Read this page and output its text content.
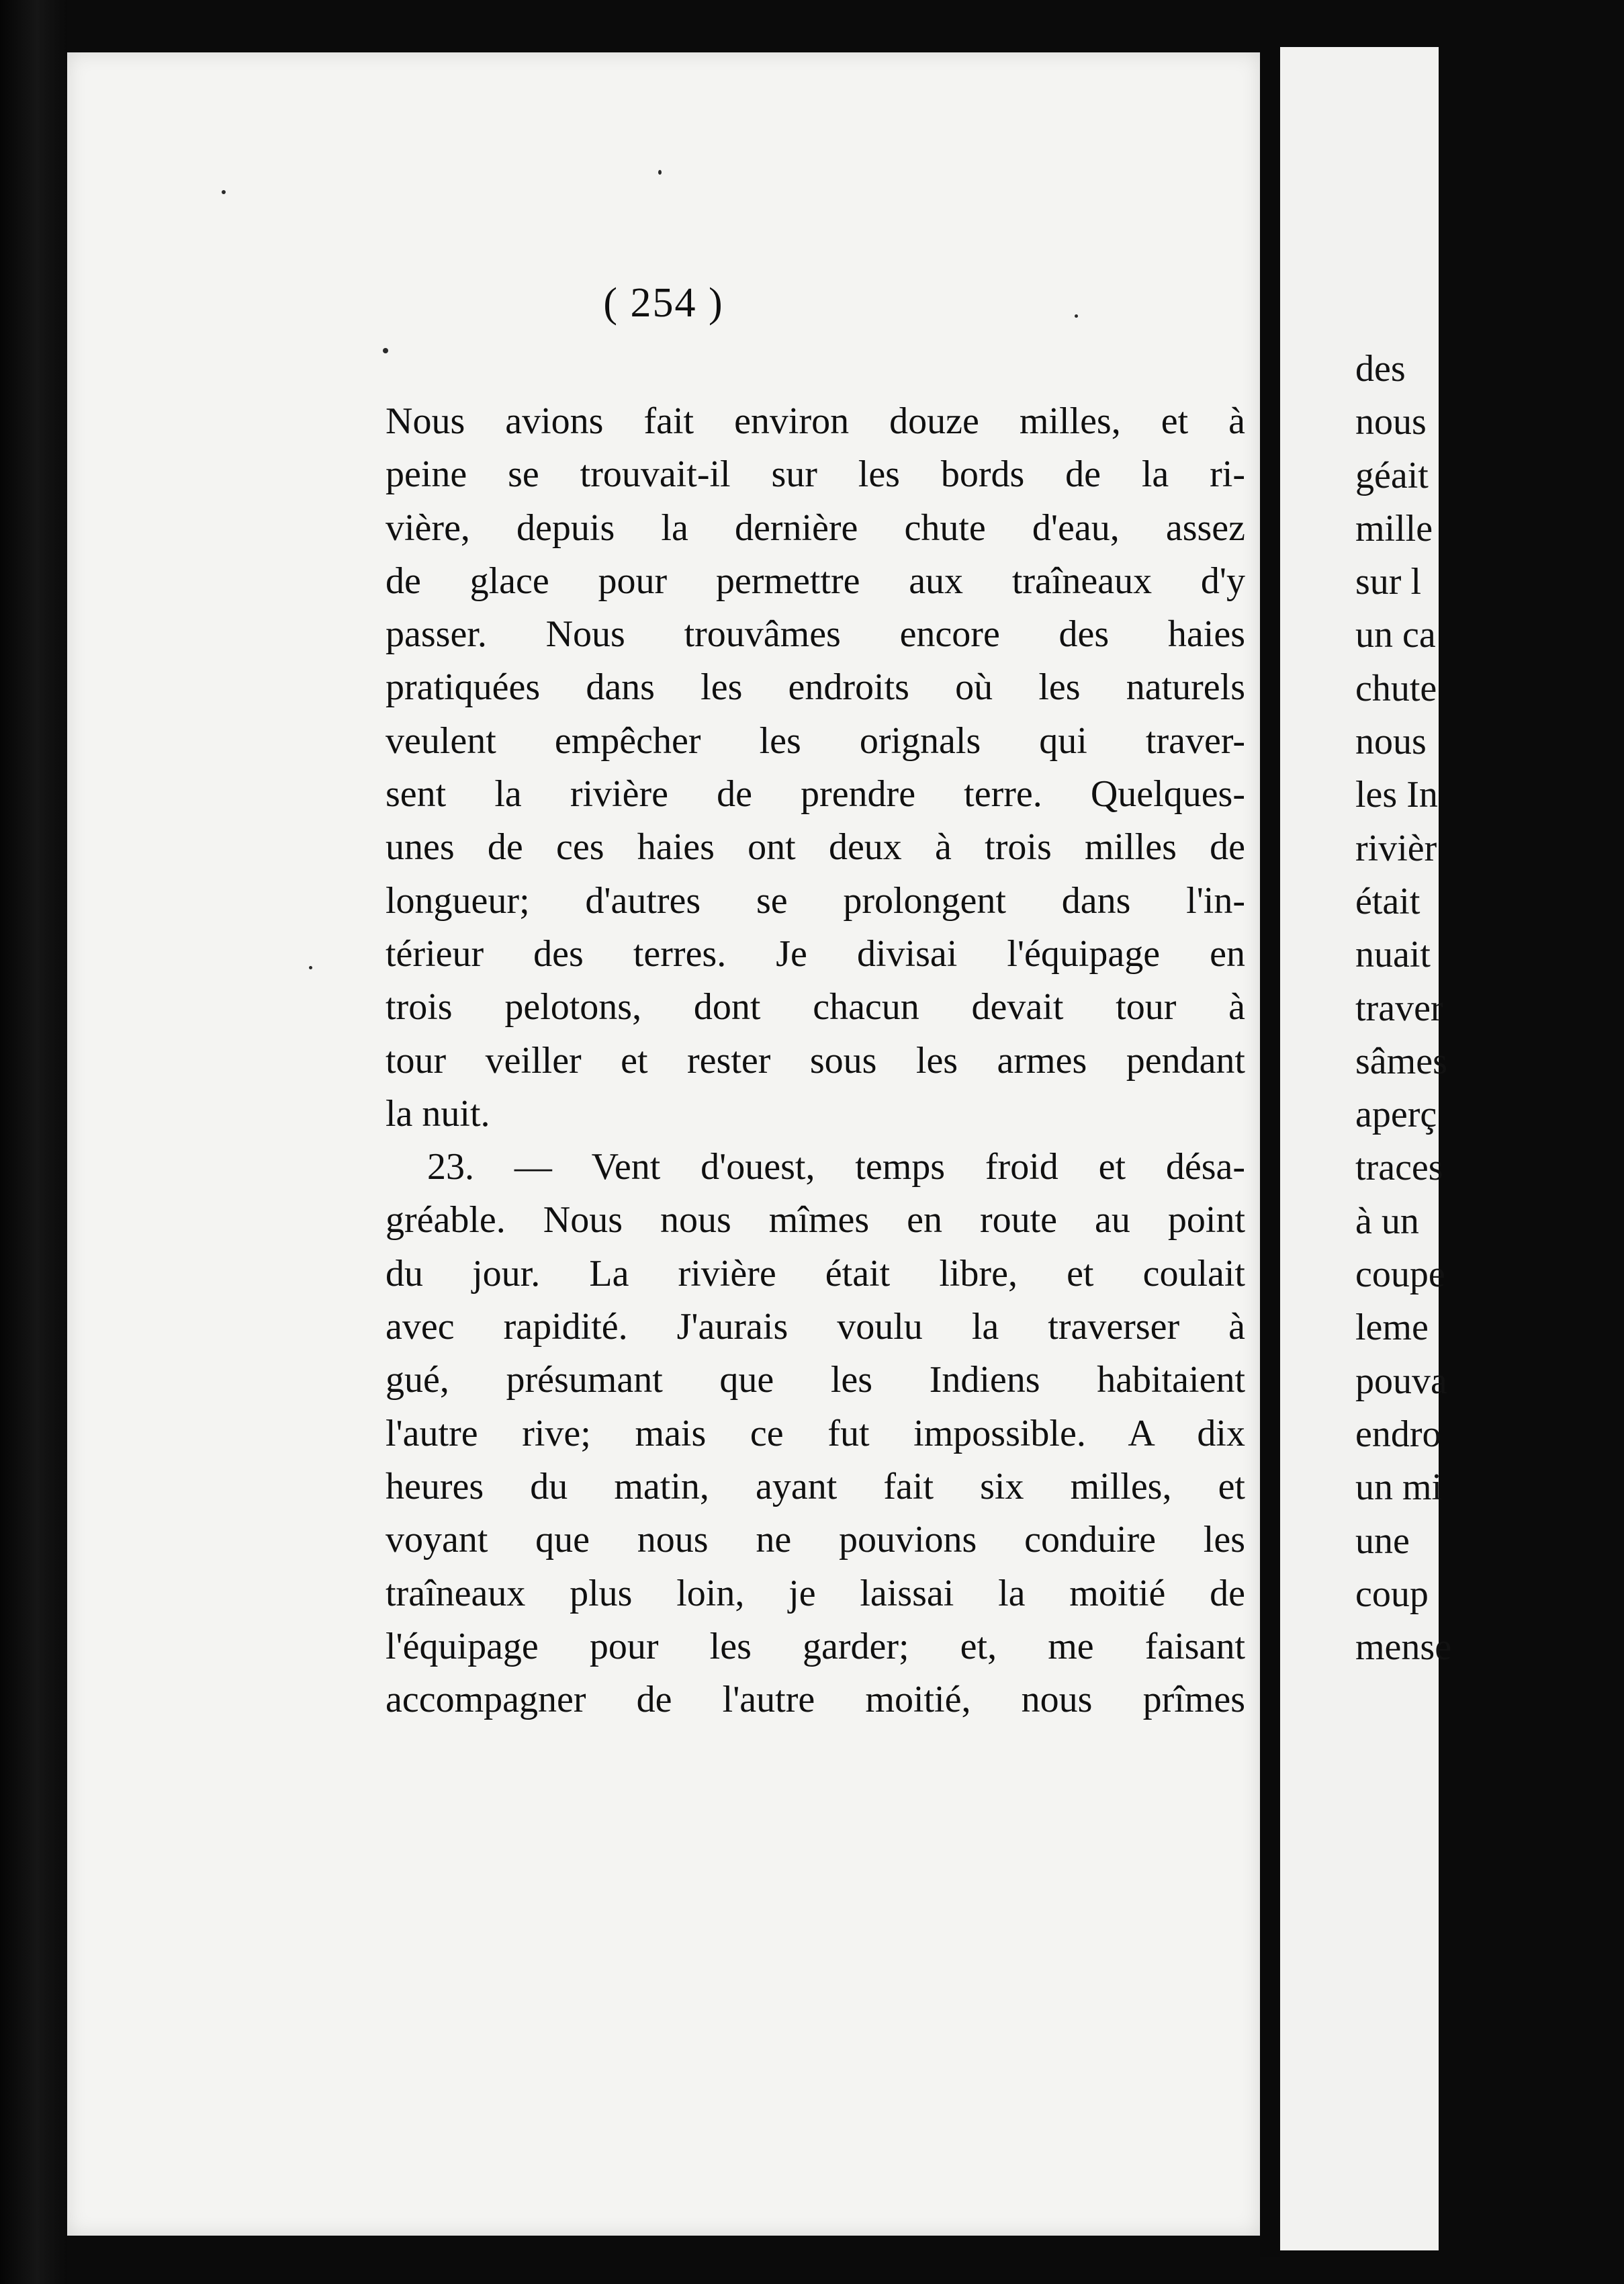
( 254 )
Nous avions fait environ douze milles, et à
peine se trouvait-il sur les bords de la ri-
vière, depuis la dernière chute d'eau, assez
de glace pour permettre aux traîneaux d'y
passer. Nous trouvâmes encore des haies
pratiquées dans les endroits où les naturels
veulent empêcher les orignals qui traver-
sent la rivière de prendre terre. Quelques-
unes de ces haies ont deux à trois milles de
longueur; d'autres se prolongent dans l'in-
térieur des terres. Je divisai l'équipage en
trois pelotons, dont chacun devait tour à
tour veiller et rester sous les armes pendant
la nuit.
23. — Vent d'ouest, temps froid et désa-
gréable. Nous nous mîmes en route au point
du jour. La rivière était libre, et coulait
avec rapidité. J'aurais voulu la traverser à
gué, présumant que les Indiens habitaient
l'autre rive; mais ce fut impossible. A dix
heures du matin, ayant fait six milles, et
voyant que nous ne pouvions conduire les
traîneaux plus loin, je laissai la moitié de
l'équipage pour les garder; et, me faisant
accompagner de l'autre moitié, nous prîmes
des
nous
géait
mille
sur l
un ca
chute
nous
les In
rivièr
était
nuait
traver
sâmes
aperç
traces
à un
coupe
leme
pouva
endro
un mi
une
coup
mense
